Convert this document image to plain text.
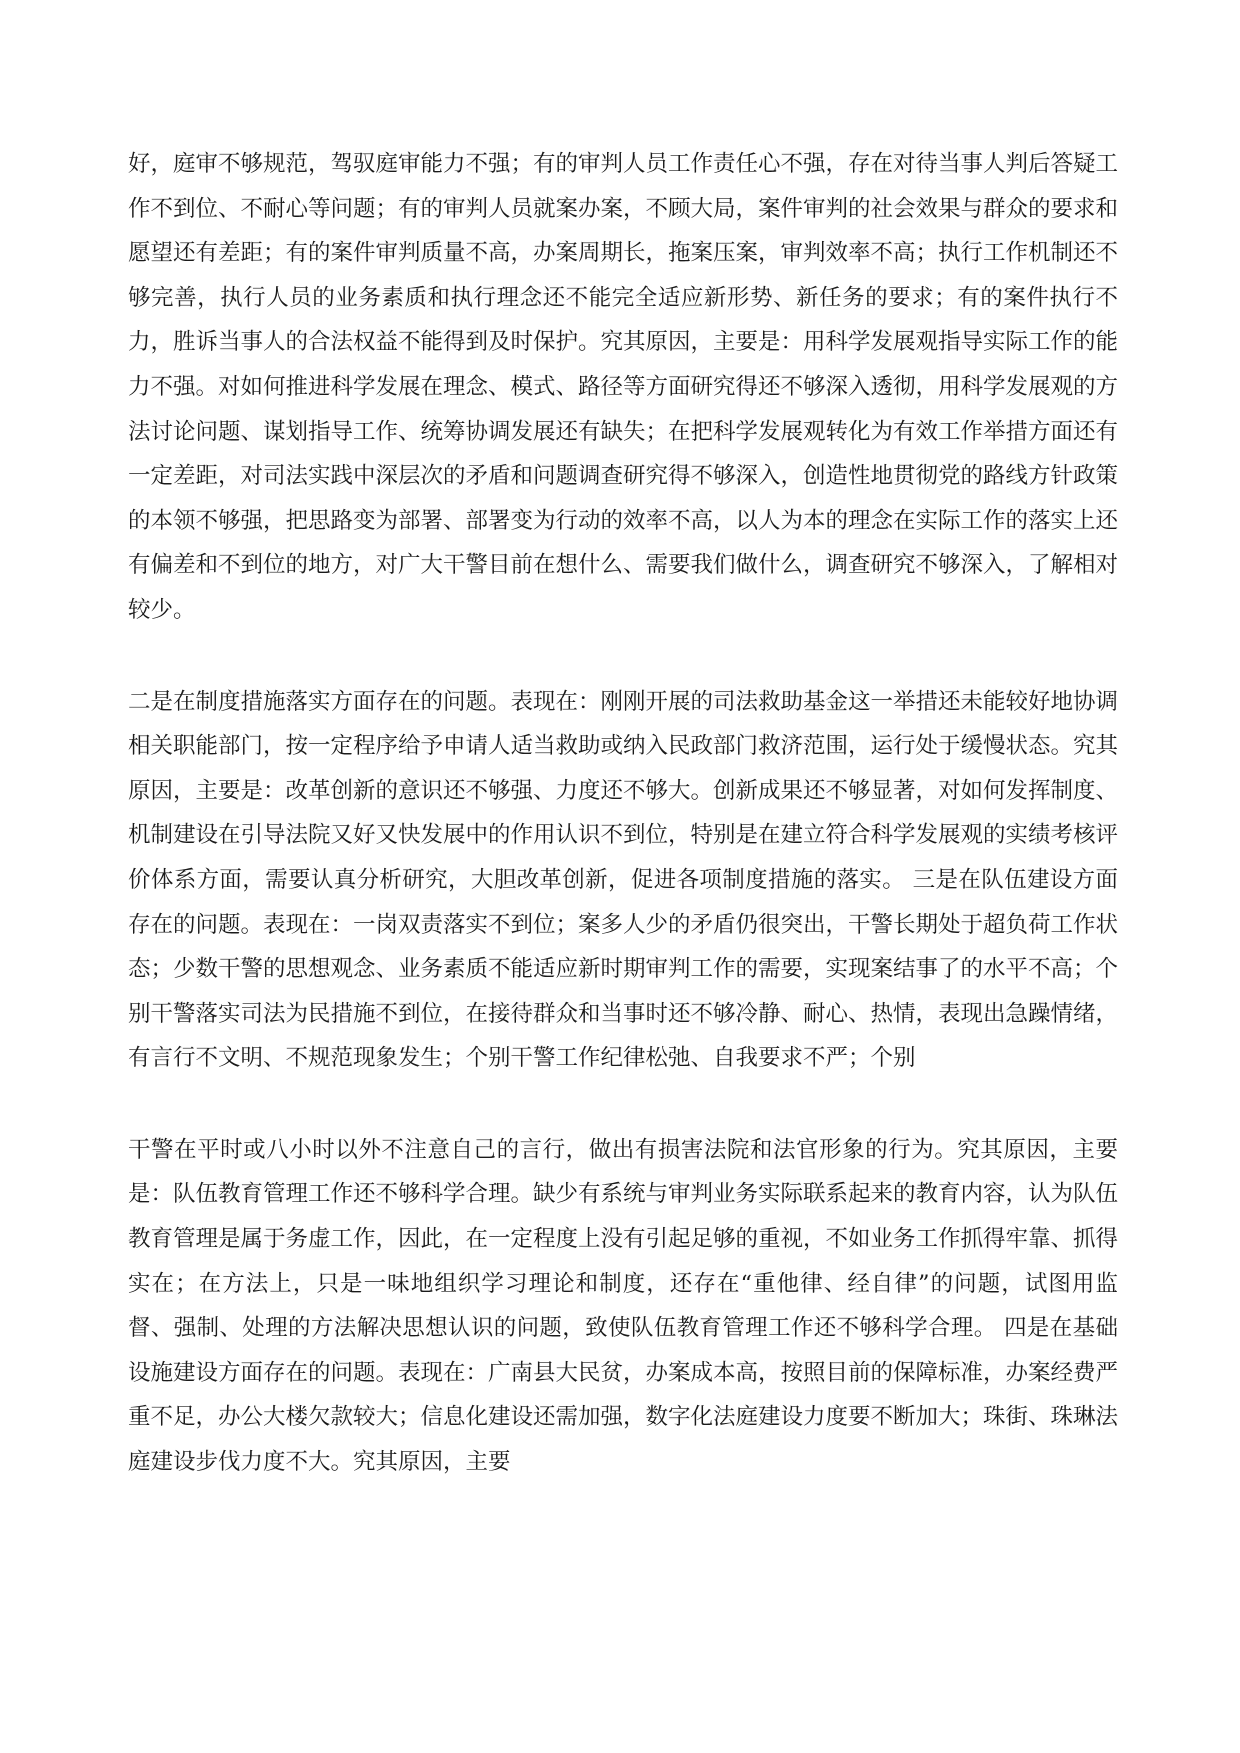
好，庭审不够规范，驾驭庭审能力不强；有的审判人员工作责任心不强，存在对待当事人判后答疑工作不到位、不耐心等问题；有的审判人员就案办案，不顾大局，案件审判的社会效果与群众的要求和愿望还有差距；有的案件审判质量不高，办案周期长，拖案压案，审判效率不高；执行工作机制还不够完善，执行人员的业务素质和执行理念还不能完全适应新形势、新任务的要求；有的案件执行不力，胜诉当事人的合法权益不能得到及时保护。究其原因，主要是：用科学发展观指导实际工作的能力不强。对如何推进科学发展在理念、模式、路径等方面研究得还不够深入透彻，用科学发展观的方法讨论问题、谋划指导工作、统筹协调发展还有缺失；在把科学发展观转化为有效工作举措方面还有一定差距，对司法实践中深层次的矛盾和问题调查研究得不够深入，创造性地贯彻党的路线方针政策的本领不够强，把思路变为部署、部署变为行动的效率不高，以人为本的理念在实际工作的落实上还有偏差和不到位的地方，对广大干警目前在想什么、需要我们做什么，调查研究不够深入，了解相对较少。

二是在制度措施落实方面存在的问题。表现在：刚刚开展的司法救助基金这一举措还未能较好地协调相关职能部门，按一定程序给予申请人适当救助或纳入民政部门救济范围，运行处于缓慢状态。究其原因，主要是：改革创新的意识还不够强、力度还不够大。创新成果还不够显著，对如何发挥制度、机制建设在引导法院又好又快发展中的作用认识不到位，特别是在建立符合科学发展观的实绩考核评价体系方面，需要认真分析研究，大胆改革创新，促进各项制度措施的落实。 三是在队伍建设方面存在的问题。表现在：一岗双责落实不到位；案多人少的矛盾仍很突出，干警长期处于超负荷工作状态；少数干警的思想观念、业务素质不能适应新时期审判工作的需要，实现案结事了的水平不高；个别干警落实司法为民措施不到位，在接待群众和当事时还不够冷静、耐心、热情，表现出急躁情绪，有言行不文明、不规范现象发生；个别干警工作纪律松弛、自我要求不严；个别

干警在平时或八小时以外不注意自己的言行，做出有损害法院和法官形象的行为。究其原因，主要是：队伍教育管理工作还不够科学合理。缺少有系统与审判业务实际联系起来的教育内容，认为队伍教育管理是属于务虚工作，因此，在一定程度上没有引起足够的重视，不如业务工作抓得牢靠、抓得实在；在方法上，只是一味地组织学习理论和制度，还存在“重他律、经自律”的问题，试图用监督、强制、处理的方法解决思想认识的问题，致使队伍教育管理工作还不够科学合理。 四是在基础设施建设方面存在的问题。表现在：广南县大民贫，办案成本高，按照目前的保障标准，办案经费严重不足，办公大楼欠款较大；信息化建设还需加强，数字化法庭建设力度要不断加大；珠街、珠琳法庭建设步伐力度不大。究其原因，主要
